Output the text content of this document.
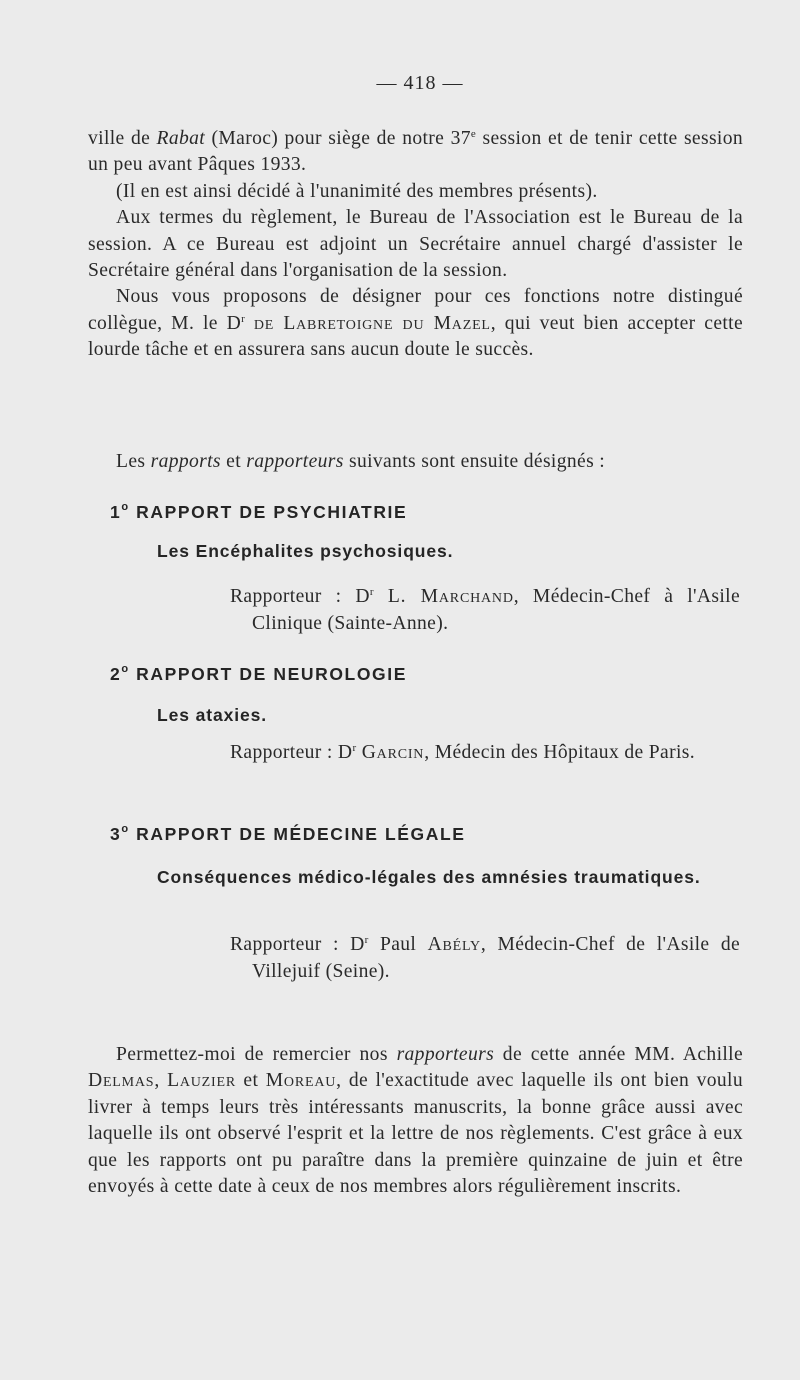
— 418 —

ville de Rabat (Maroc) pour siège de notre 37e session et de tenir cette session un peu avant Pâques 1933.

(Il en est ainsi décidé à l'unanimité des membres présents).

Aux termes du règlement, le Bureau de l'Association est le Bureau de la session. A ce Bureau est adjoint un Secrétaire annuel chargé d'assister le Secrétaire général dans l'organisation de la session.

Nous vous proposons de désigner pour ces fonctions notre distingué collègue, M. le $D^r$ de Labretoigne du Mazel, qui veut bien accepter cette lourde tâche et en assurera sans aucun doute le succès.

Les rapports et rapporteurs suivants sont ensuite désignés :

1$^o$ RAPPORT DE PSYCHIATRIE
Les Encéphalites psychosiques.

Rapporteur : $D^r$ L. Marchand, Médecin-Chef à l'Asile Clinique (Sainte-Anne).

2$^o$ RAPPORT DE NEUROLOGIE
Les ataxies.

Rapporteur : $D^r$ Garcin, Médecin des Hôpitaux de Paris.

3$^o$ RAPPORT DE MÉDECINE LÉGALE
Conséquences médico-légales des amnésies traumatiques.

Rapporteur : $D^r$ Paul Abély, Médecin-Chef de l'Asile de Villejuif (Seine).

Permettez-moi de remercier nos rapporteurs de cette année MM. Achille Delmas, Lauzier et Moreau, de l'exactitude avec laquelle ils ont bien voulu livrer à temps leurs très intéressants manuscrits, la bonne grâce aussi avec laquelle ils ont observé l'esprit et la lettre de nos règlements. C'est grâce à eux que les rapports ont pu paraître dans la première quinzaine de juin et être envoyés à cette date à ceux de nos membres alors régulièrement inscrits.
